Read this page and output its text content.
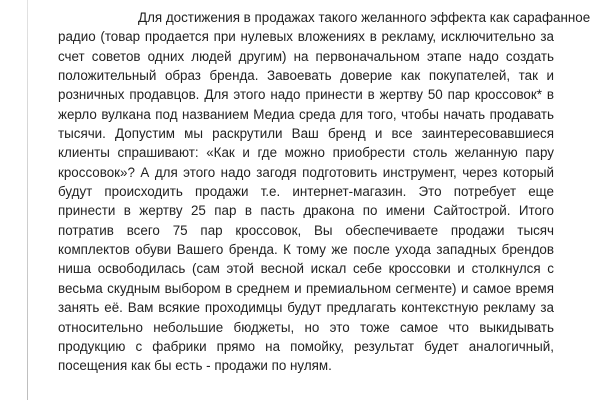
Для достижения в продажах такого желанного эффекта как сарафанное
радио (товар продается при нулевых вложениях в рекламу, исключительно за
счет советов одних людей другим) на первоначальном этапе надо создать
положительный образ бренда. Завоевать доверие как покупателей, так и
розничных продавцов. Для этого надо принести в жертву 50 пар кроссовок* в
жерло вулкана под названием Медиа среда для того, чтобы начать продавать
тысячи. Допустим мы раскрутили Ваш бренд и все заинтересовавшиеся
клиенты спрашивают: «Как и где можно приобрести столь желанную пару
кроссовок»? А для этого надо загодя подготовить инструмент, через который
будут происходить продажи т.е. интернет-магазин. Это потребует еще
принести в жертву 25 пар в пасть дракона по имени Сайтострой. Итого
потратив всего 75 пар кроссовок, Вы обеспечиваете продажи тысяч
комплектов обуви Вашего бренда. К тому же после ухода западных брендов
ниша освободилась (сам этой весной искал себе кроссовки и столкнулся с
весьма скудным выбором в среднем и премиальном сегменте) и самое время
занять её. Вам всякие проходимцы будут предлагать контекстную рекламу за
относительно небольшие бюджеты, но это тоже самое что выкидывать
продукцию с фабрики прямо на помойку, результат будет аналогичный,
посещения как бы есть - продажи по нулям.
